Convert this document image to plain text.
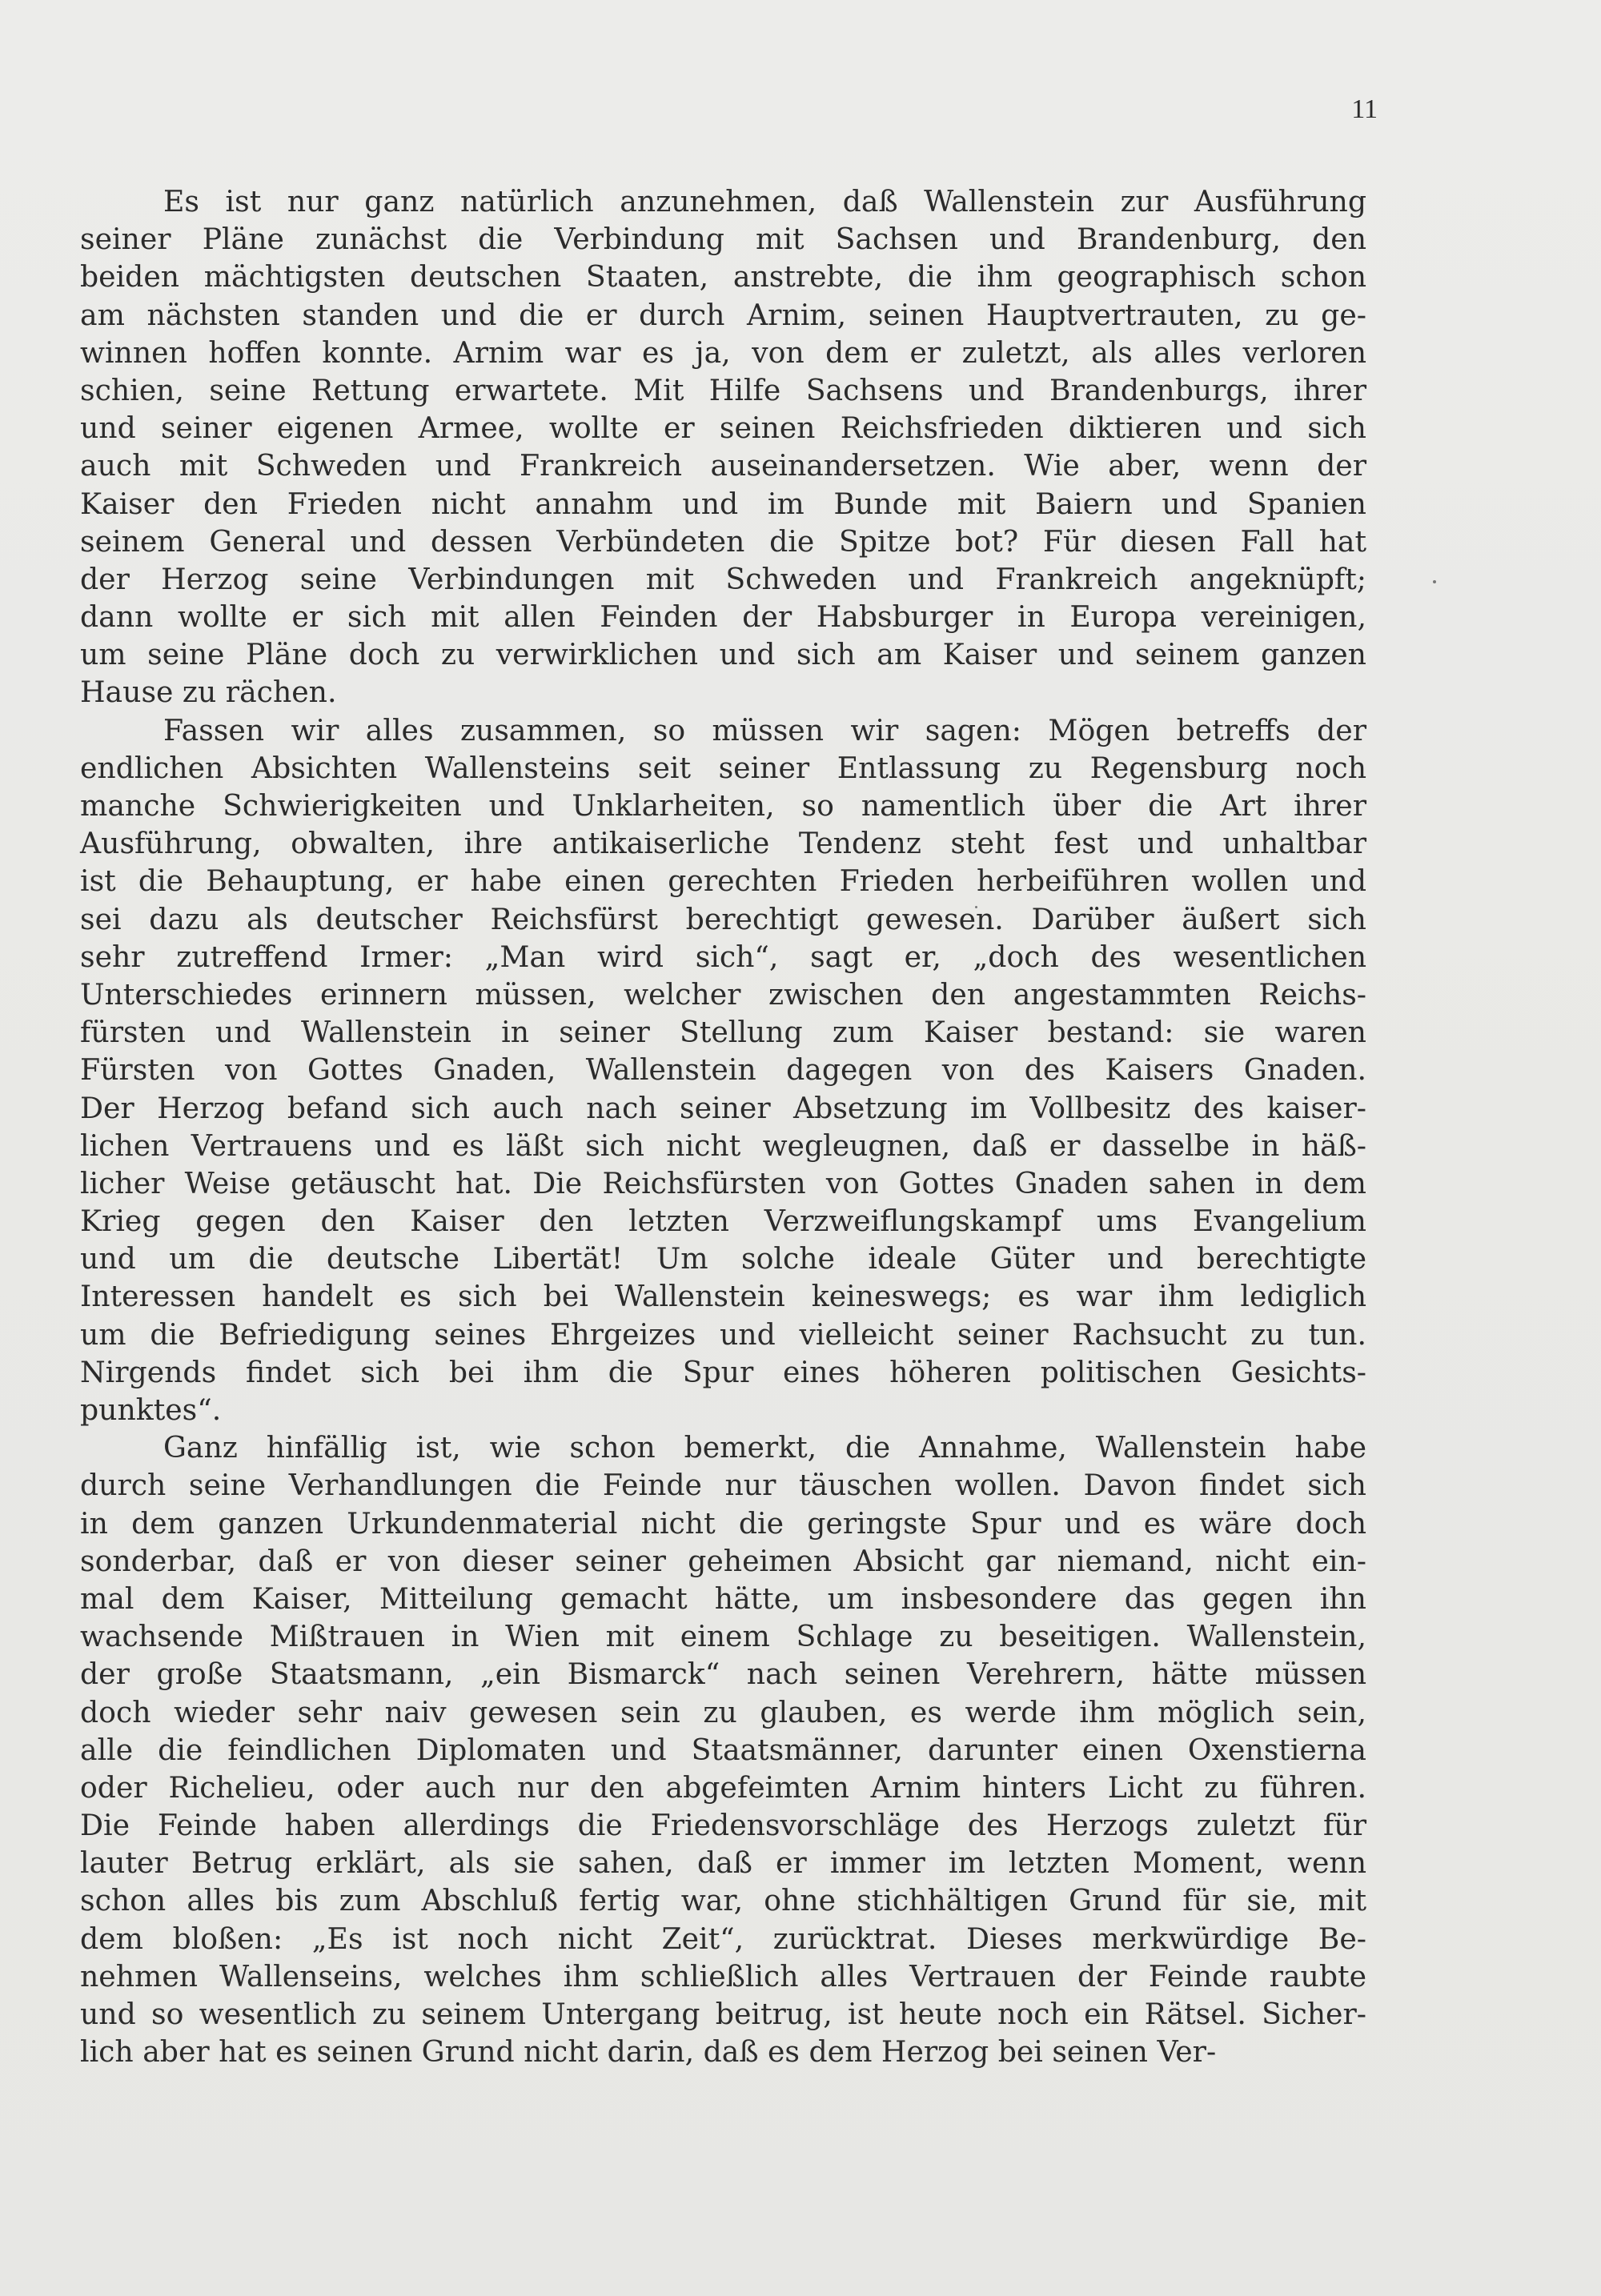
11
Es ist nur ganz natürlich anzunehmen, daß Wallenstein zur Ausführung
seiner Pläne zunächst die Verbindung mit Sachsen und Brandenburg, den
beiden mächtigsten deutschen Staaten, anstrebte, die ihm geographisch schon
am nächsten standen und die er durch Arnim, seinen Hauptvertrauten, zu ge-
winnen hoffen konnte. Arnim war es ja, von dem er zuletzt, als alles verloren
schien, seine Rettung erwartete. Mit Hilfe Sachsens und Brandenburgs, ihrer
und seiner eigenen Armee, wollte er seinen Reichsfrieden diktieren und sich
auch mit Schweden und Frankreich auseinandersetzen. Wie aber, wenn der
Kaiser den Frieden nicht annahm und im Bunde mit Baiern und Spanien
seinem General und dessen Verbündeten die Spitze bot? Für diesen Fall hat
der Herzog seine Verbindungen mit Schweden und Frankreich angeknüpft;
dann wollte er sich mit allen Feinden der Habsburger in Europa vereinigen,
um seine Pläne doch zu verwirklichen und sich am Kaiser und seinem ganzen
Hause zu rächen.
Fassen wir alles zusammen, so müssen wir sagen: Mögen betreffs der
endlichen Absichten Wallensteins seit seiner Entlassung zu Regensburg noch
manche Schwierigkeiten und Unklarheiten, so namentlich über die Art ihrer
Ausführung, obwalten, ihre antikaiserliche Tendenz steht fest und unhaltbar
ist die Behauptung, er habe einen gerechten Frieden herbeiführen wollen und
sei dazu als deutscher Reichsfürst berechtigt gewesen. Darüber äußert sich
sehr zutreffend Irmer: „Man wird sich“, sagt er, „doch des wesentlichen
Unterschiedes erinnern müssen, welcher zwischen den angestammten Reichs-
fürsten und Wallenstein in seiner Stellung zum Kaiser bestand: sie waren
Fürsten von Gottes Gnaden, Wallenstein dagegen von des Kaisers Gnaden.
Der Herzog befand sich auch nach seiner Absetzung im Vollbesitz des kaiser-
lichen Vertrauens und es läßt sich nicht wegleugnen, daß er dasselbe in häß-
licher Weise getäuscht hat. Die Reichsfürsten von Gottes Gnaden sahen in dem
Krieg gegen den Kaiser den letzten Verzweiflungskampf ums Evangelium
und um die deutsche Libertät! Um solche ideale Güter und berechtigte
Interessen handelt es sich bei Wallenstein keineswegs; es war ihm lediglich
um die Befriedigung seines Ehrgeizes und vielleicht seiner Rachsucht zu tun.
Nirgends findet sich bei ihm die Spur eines höheren politischen Gesichts-
punktes“.
Ganz hinfällig ist, wie schon bemerkt, die Annahme, Wallenstein habe
durch seine Verhandlungen die Feinde nur täuschen wollen. Davon findet sich
in dem ganzen Urkundenmaterial nicht die geringste Spur und es wäre doch
sonderbar, daß er von dieser seiner geheimen Absicht gar niemand, nicht ein-
mal dem Kaiser, Mitteilung gemacht hätte, um insbesondere das gegen ihn
wachsende Mißtrauen in Wien mit einem Schlage zu beseitigen. Wallenstein,
der große Staatsmann, „ein Bismarck“ nach seinen Verehrern, hätte müssen
doch wieder sehr naiv gewesen sein zu glauben, es werde ihm möglich sein,
alle die feindlichen Diplomaten und Staatsmänner, darunter einen Oxenstierna
oder Richelieu, oder auch nur den abgefeimten Arnim hinters Licht zu führen.
Die Feinde haben allerdings die Friedensvorschläge des Herzogs zuletzt für
lauter Betrug erklärt, als sie sahen, daß er immer im letzten Moment, wenn
schon alles bis zum Abschluß fertig war, ohne stichhältigen Grund für sie, mit
dem bloßen: „Es ist noch nicht Zeit“, zurücktrat. Dieses merkwürdige Be-
nehmen Wallenseins, welches ihm schließlich alles Vertrauen der Feinde raubte
und so wesentlich zu seinem Untergang beitrug, ist heute noch ein Rätsel. Sicher-
lich aber hat es seinen Grund nicht darin, daß es dem Herzog bei seinen Ver-
